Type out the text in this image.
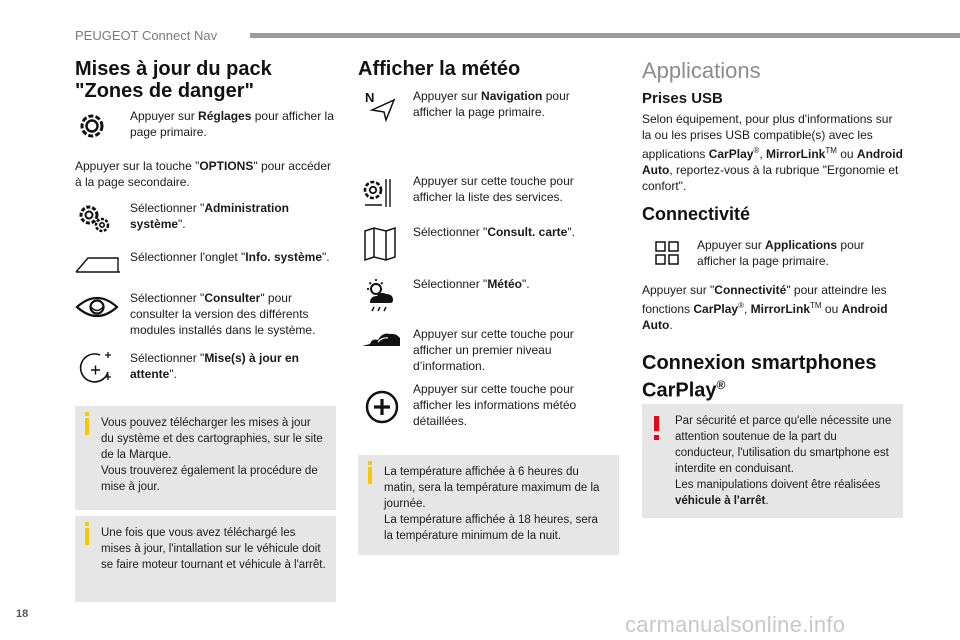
PEUGEOT Connect Nav
Mises à jour du pack
"Zones de danger"
Appuyer sur Réglages pour afficher la page primaire.
Appuyer sur la touche "OPTIONS" pour accéder à la page secondaire.
Sélectionner "Administration système".
Sélectionner l'onglet "Info. système".
Sélectionner "Consulter" pour consulter la version des différents modules installés dans le système.
Sélectionner "Mise(s) à jour en attente".
Vous pouvez télécharger les mises à jour du système et des cartographies, sur le site de la Marque.
Vous trouverez également la procédure de mise à jour.
Une fois que vous avez téléchargé les mises à jour, l'intallation sur le véhicule doit se faire moteur tournant et véhicule à l'arrêt.
Afficher la météo
N	Appuyer sur Navigation pour afficher la page primaire.
Appuyer sur cette touche pour afficher la liste des services.
Sélectionner "Consult. carte".
Sélectionner "Météo".
Appuyer sur cette touche pour afficher un premier niveau d’information.
Appuyer sur cette touche pour afficher les informations météo détaillées.
La température affichée à 6 heures du matin, sera la température maximum de la journée.
La température affichée à 18 heures, sera la température minimum de la nuit.
Applications
Prises USB
Selon équipement, pour plus d'informations sur la ou les prises USB compatible(s) avec les applications CarPlay®, MirrorLink™ ou Android Auto, reportez-vous à la rubrique "Ergonomie et confort".
Connectivité
Appuyer sur Applications pour afficher la page primaire.
Appuyer sur "Connectivité" pour atteindre les fonctions CarPlay®, MirrorLink™ ou Android Auto.
Connexion smartphones
CarPlay®
Par sécurité et parce qu'elle nécessite une attention soutenue de la part du conducteur, l'utilisation du smartphone est interdite en conduisant.
Les manipulations doivent être réalisées véhicule à l'arrêt.
18	carmanualsonline.info
